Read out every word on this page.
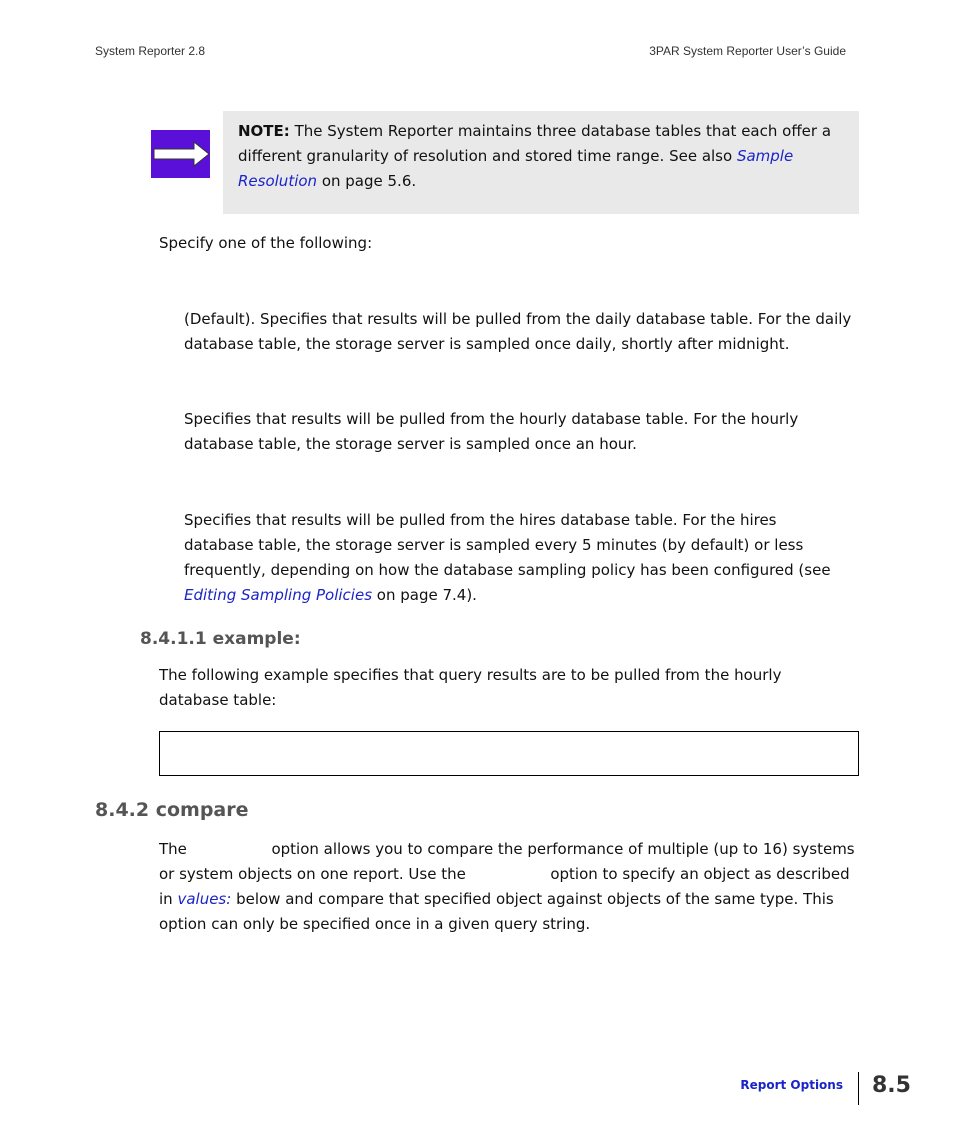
System Reporter 2.8	3PAR System Reporter User’s Guide
NOTE: The System Reporter maintains three database tables that each offer a different granularity of resolution and stored time range. See also Sample Resolution on page 5.6.
Specify one of the following:
(Default). Specifies that results will be pulled from the daily database table. For the daily database table, the storage server is sampled once daily, shortly after midnight.
Specifies that results will be pulled from the hourly database table. For the hourly database table, the storage server is sampled once an hour.
Specifies that results will be pulled from the hires database table. For the hires database table, the storage server is sampled every 5 minutes (by default) or less frequently, depending on how the database sampling policy has been configured (see Editing Sampling Policies on page 7.4).
8.4.1.1 example:
The following example specifies that query results are to be pulled from the hourly database table:
8.4.2 compare
The	option allows you to compare the performance of multiple (up to 16) systems or system objects on one report. Use the	option to specify an object as described in values: below and compare that specified object against objects of the same type. This option can only be specified once in a given query string.
Report Options 8.5
